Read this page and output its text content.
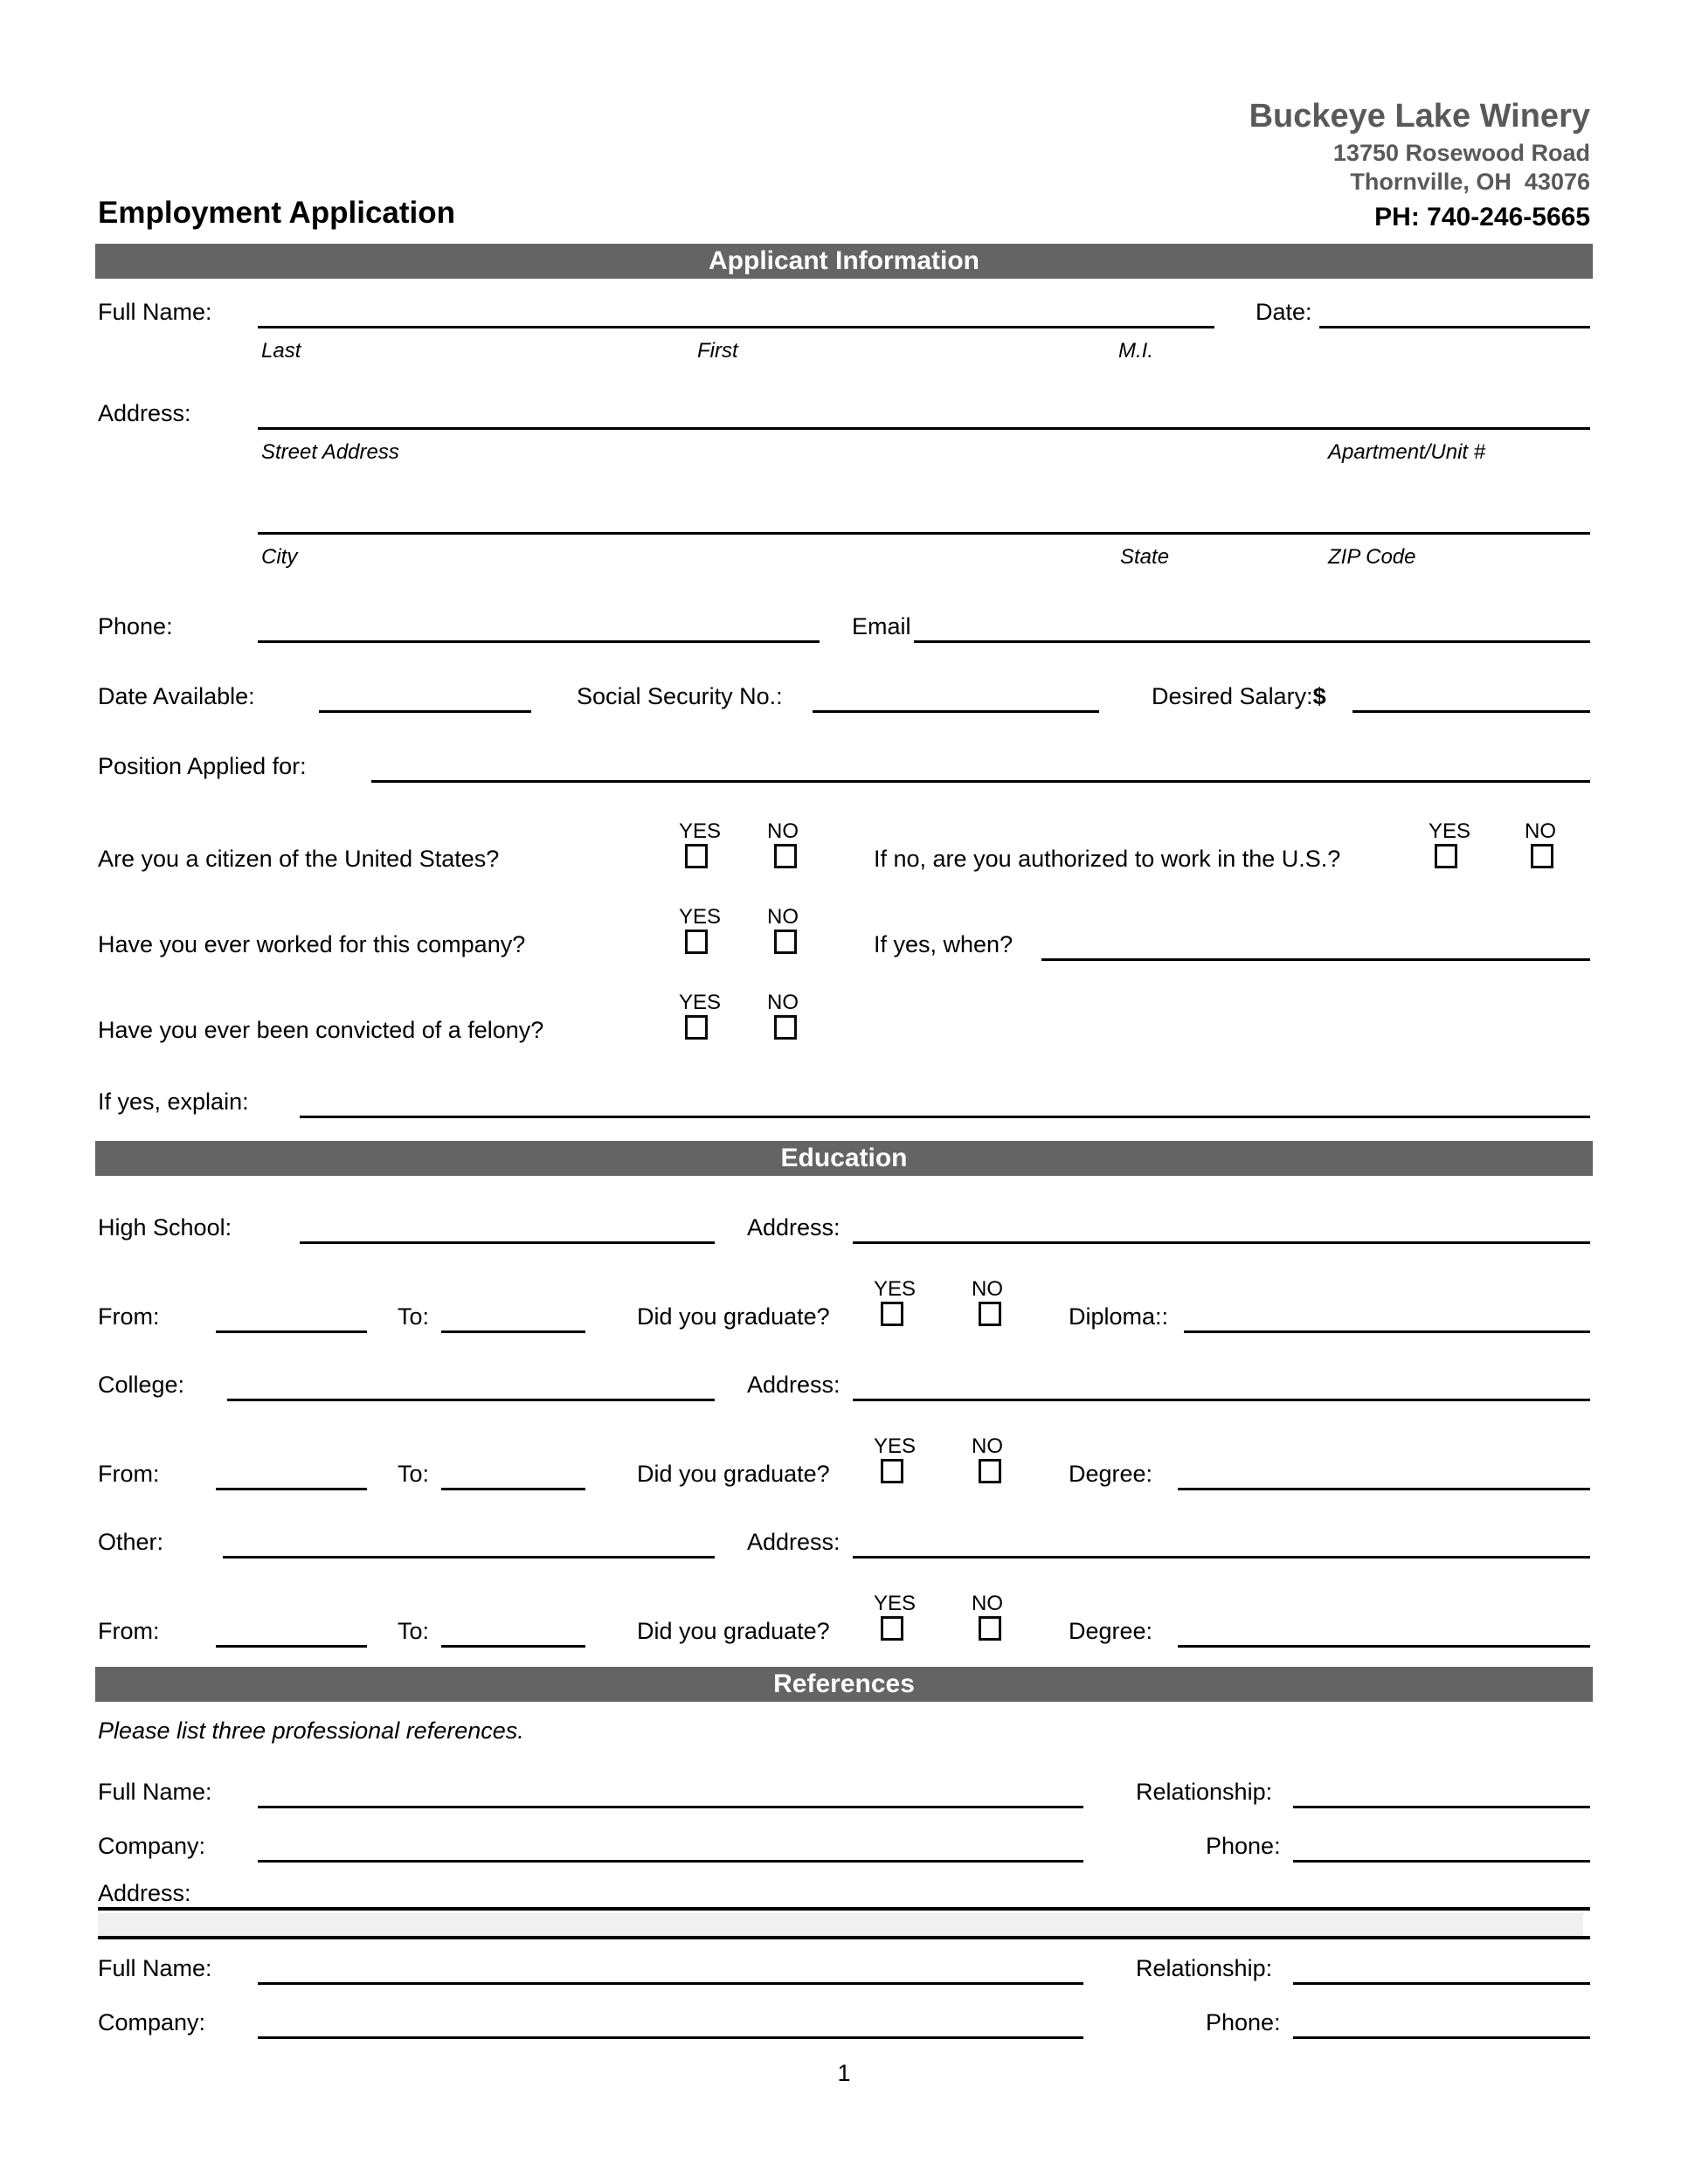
Buckeye Lake Winery
13750 Rosewood Road
Thornville, OH  43076
Employment Application	PH: 740-246-5665
Applicant Information
Full Name:	Date:
Last	First	M.I.
Address:
Street Address	Apartment/Unit #
City	State	ZIP Code
Phone:	Email
Date Available:	Social Security No.:	Desired Salary:$
Position Applied for:
YES NO
Are you a citizen of the United States?	If no, are you authorized to work in the U.S.?
YES	NO
YES NO
Have you ever worked for this company?	If yes, when?
YES NO
Have you ever been convicted of a felony?
If yes, explain:
Education
High School:	Address:
YES	NO
From:	To:	Did you graduate?	Diploma::
College:	Address:
YES	NO
From:	To:	Did you graduate?	Degree:
Other:	Address:
YES	NO
From:	To:	Did you graduate?	Degree:
References
Please list three professional references.
Full Name:	Relationship:
Company:	Phone:
Address:
Full Name:	Relationship:
Company:	Phone:
1
